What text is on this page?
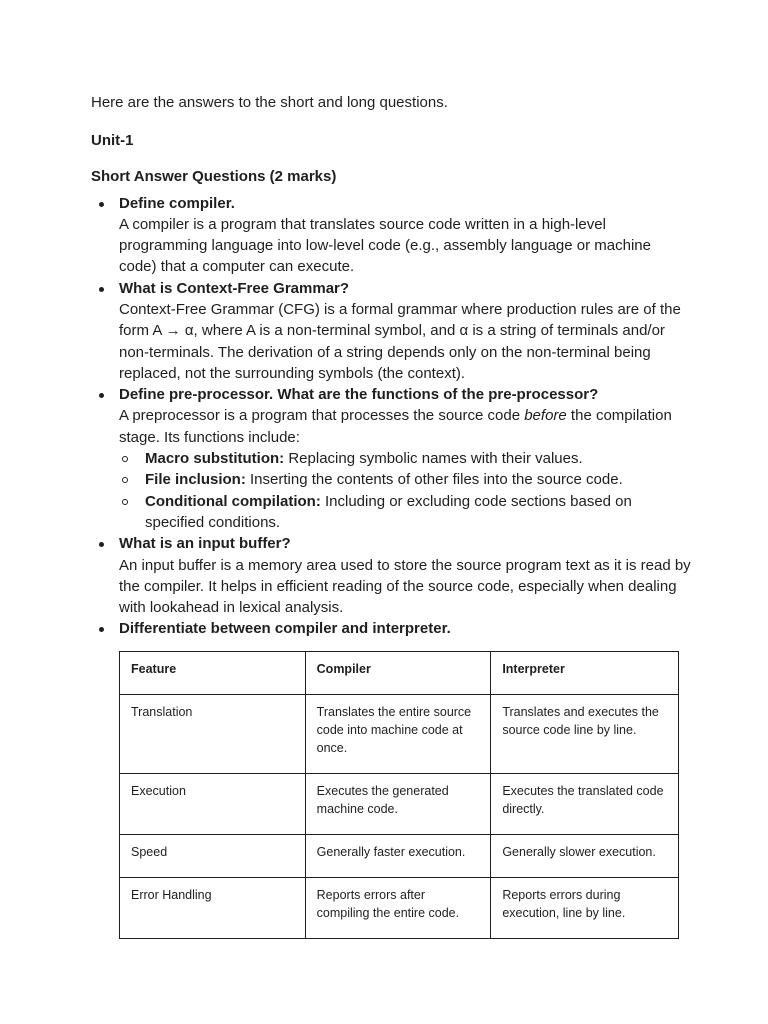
Here are the answers to the short and long questions.

Unit-1

Short Answer Questions (2 marks)

Define compiler.
A compiler is a program that translates source code written in a high-level programming language into low-level code (e.g., assembly language or machine code) that a computer can execute.
What is Context-Free Grammar?
Context-Free Grammar (CFG) is a formal grammar where production rules are of the form A → α, where A is a non-terminal symbol, and α is a string of terminals and/or non-terminals. The derivation of a string depends only on the non-terminal being replaced, not the surrounding symbols (the context).
Define pre-processor. What are the functions of the pre-processor?
A preprocessor is a program that processes the source code before the compilation stage. Its functions include:
Macro substitution: Replacing symbolic names with their values.
File inclusion: Inserting the contents of other files into the source code.
Conditional compilation: Including or excluding code sections based on specified conditions.
What is an input buffer?
An input buffer is a memory area used to store the source program text as it is read by the compiler. It helps in efficient reading of the source code, especially when dealing with lookahead in lexical analysis.
Differentiate between compiler and interpreter.
Feature	Compiler	Interpreter
Translation	Translates the entire source code into machine code at once.	Translates and executes the source code line by line.
Execution	Executes the generated machine code.	Executes the translated code directly.
Speed	Generally faster execution.	Generally slower execution.
Error Handling	Reports errors after compiling the entire code.	Reports errors during execution, line by line.
